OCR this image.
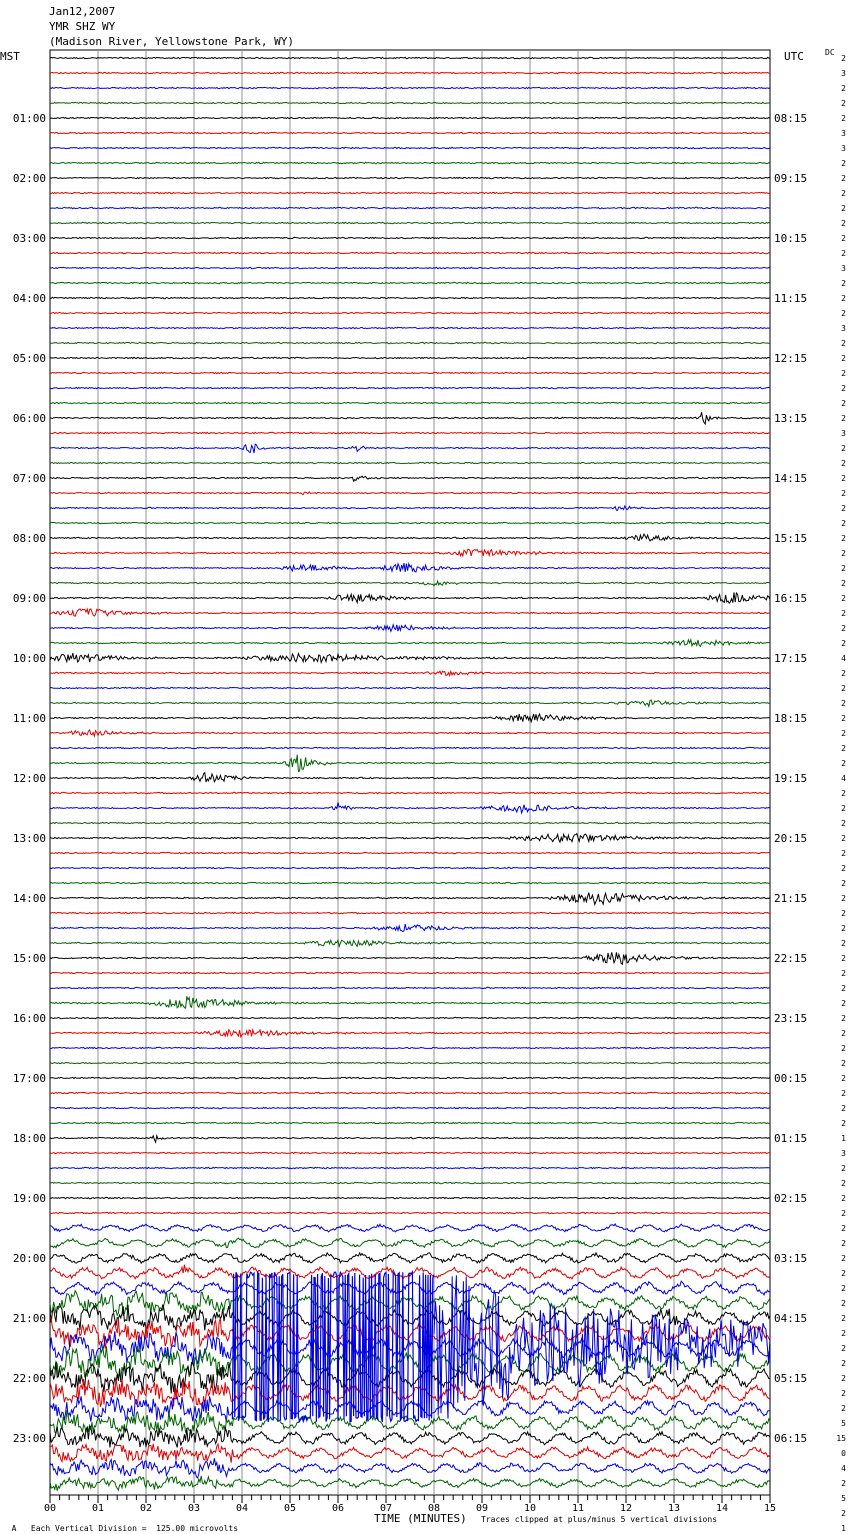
Jan12,2007
YMR SHZ WY
(Madison River, Yellowstone Park, WY)
MST	UTC	DC
01:00
02:00
03:00
04:00
05:00
06:00
07:00
08:00
09:00
10:00
11:00
12:00
13:00
14:00
15:00
16:00
17:00
18:00
19:00
20:00
21:00
22:00
23:00
08:15
09:15
10:15
11:15
12:15
13:15
14:15
15:15
16:15
17:15
18:15
19:15
20:15
21:15
22:15
23:15
00:15
01:15
02:15
03:15
04:15
05:15
06:15
2
3
2
2
2
3
3
2
2
2
2
2
2
2
3
2
2
2
3
2
2
2
2
2
2
3
2
2
2
2
2
2
2
2
2
2
2
2
2
2
4
2
2
2
2
2
2
2
4
2
2
2
2
2
2
2
2
2
2
2
2
2
2
2
2
2
2
2
2
2
2
2
1
3
2
2
2
2
2
2
2
2
2
2
2
2
2
2
2
2
2
5
15
0
4
2
5
2
1
00	01	02	03	04	05	06	07	08	09	10	11	12	13	14	15

A Each Vertical Division =  125.00 microvolts

TIME (MINUTES) Traces clipped at plus/minus 5 vertical divisions
